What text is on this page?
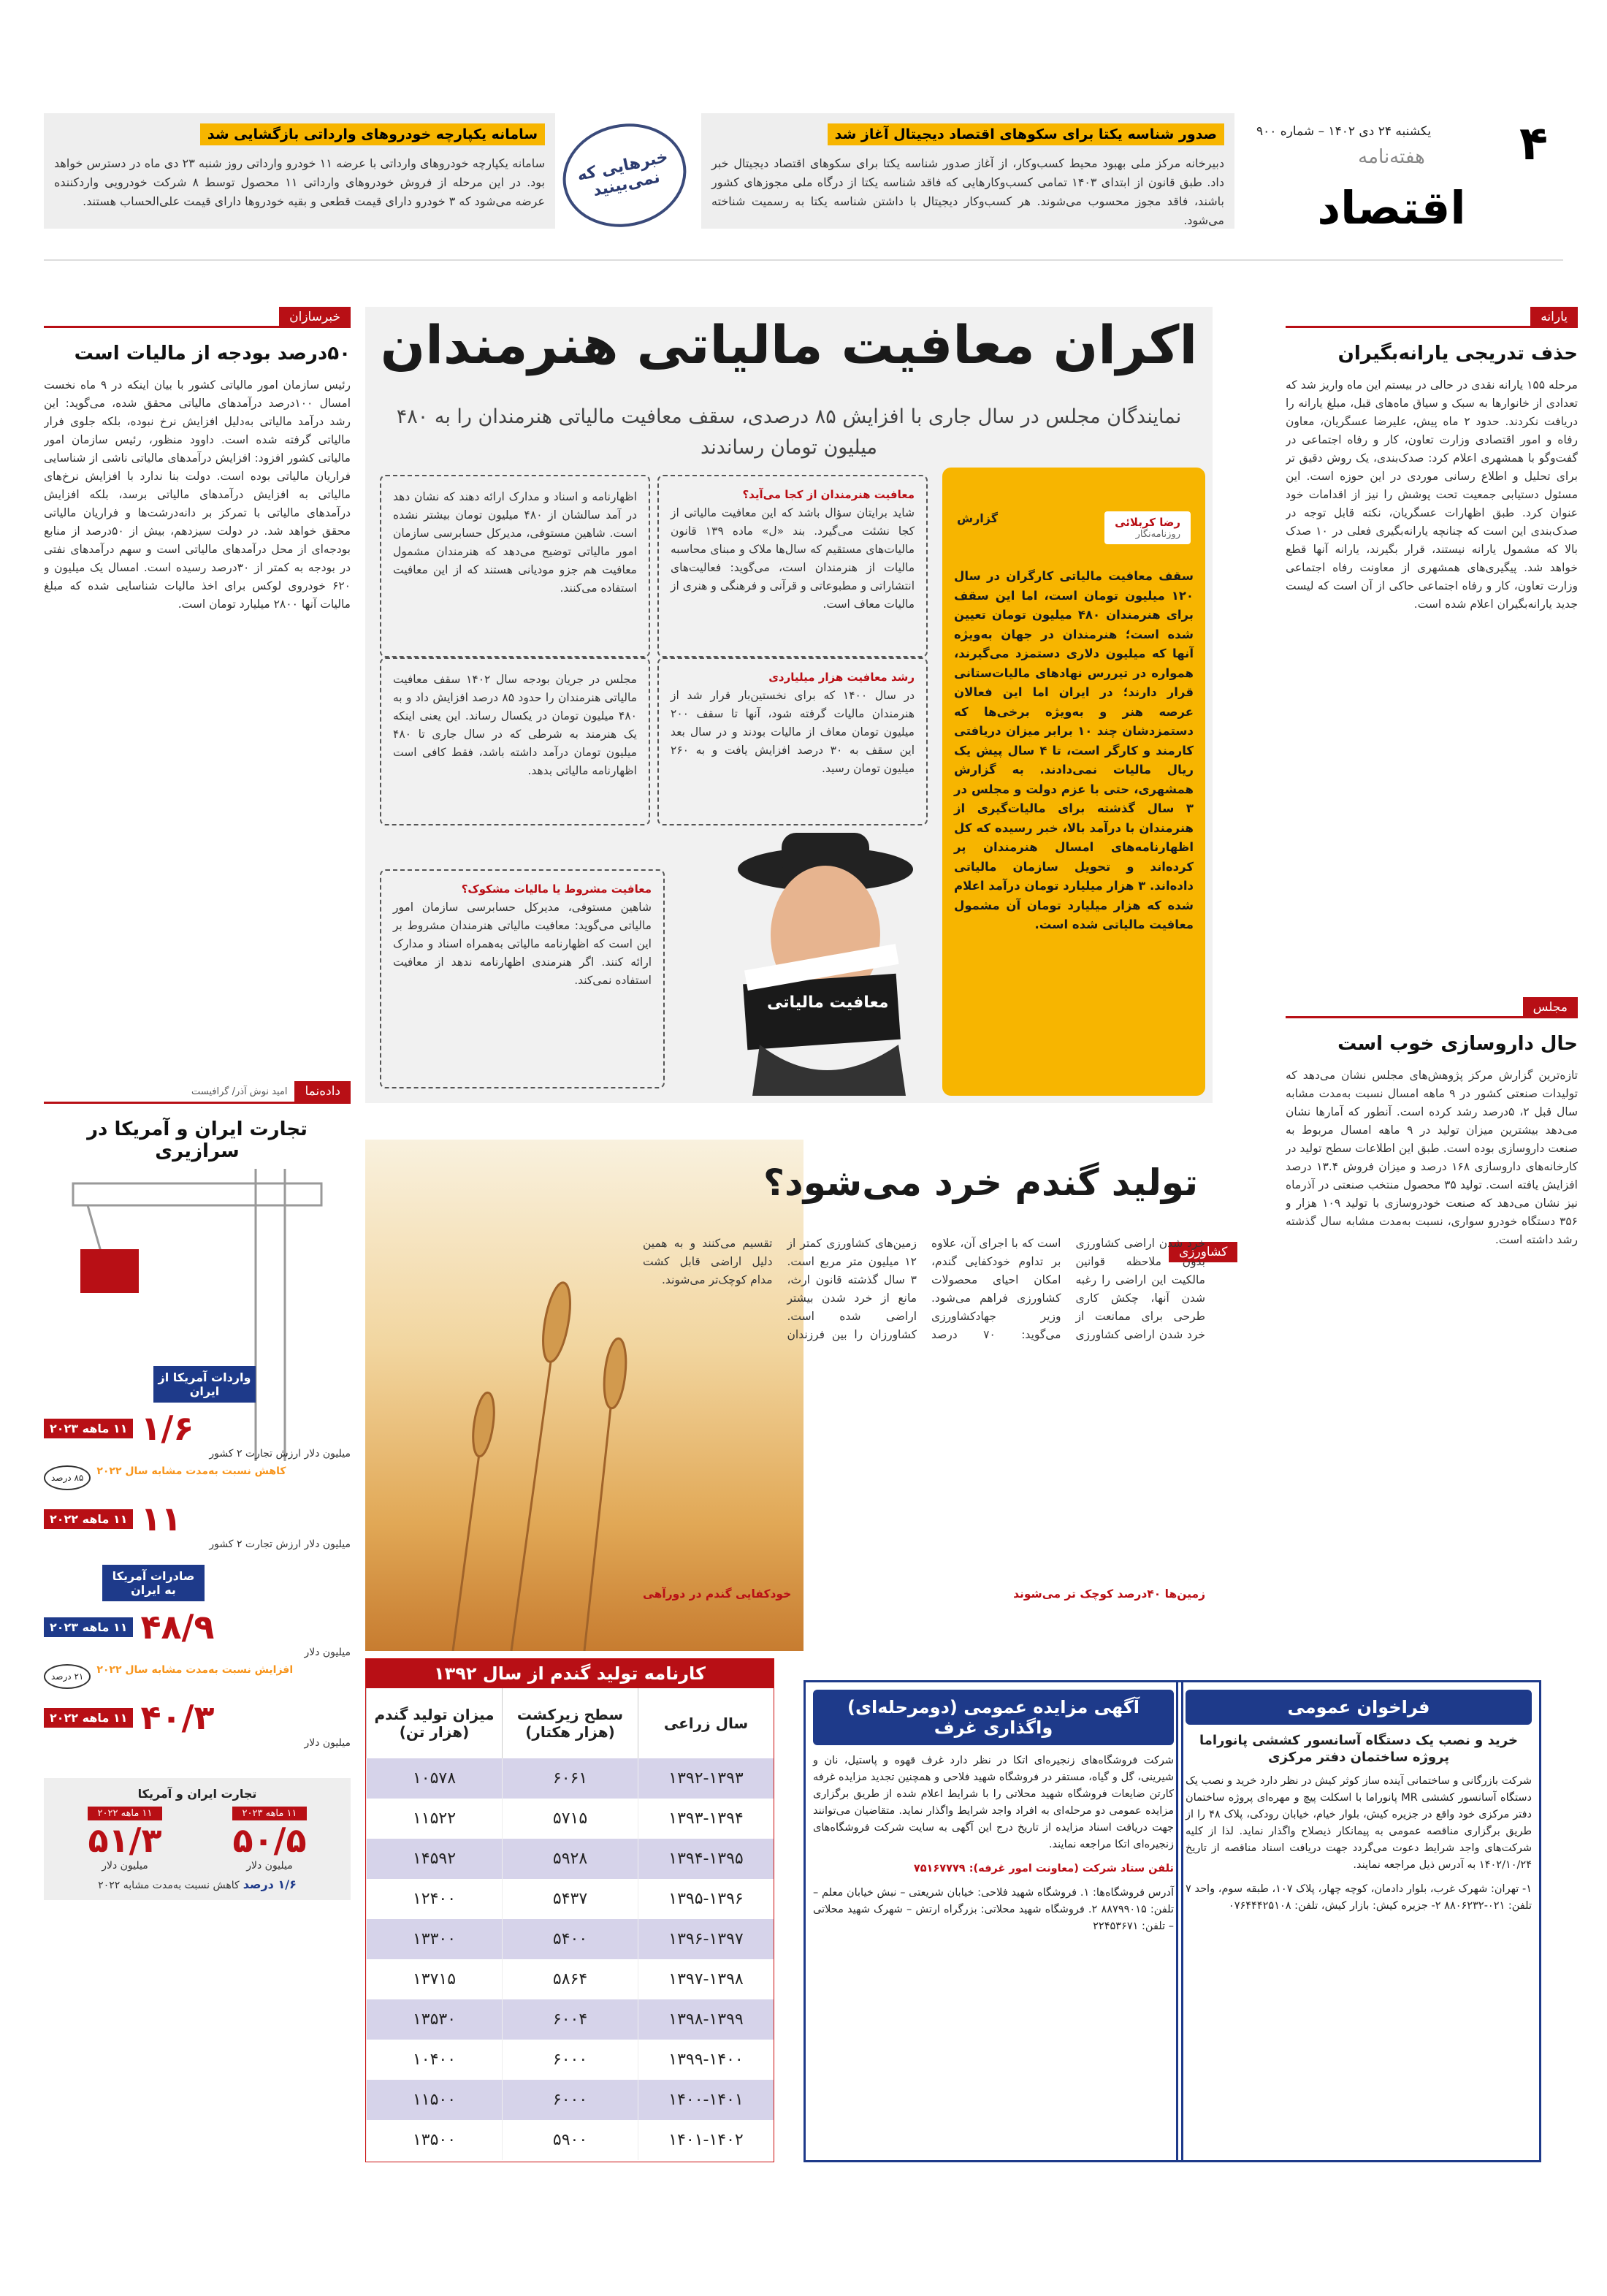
سامانه یکپارچه خودروهای وارداتی بازگشایی شد
سامانه یکپارچه خودروهای وارداتی با عرضه ۱۱ خودرو وارداتی روز شنبه ۲۳ دی ماه در دسترس خواهد بود. در این مرحله از فروش خودروهای وارداتی ۱۱ محصول توسط ۸ شرکت خودرویی واردکننده عرضه می‌شود که ۳ خودرو دارای قیمت قطعی و بقیه خودروها دارای قیمت علی‌الحساب هستند.
خبرهایی که نمی‌بینید
صدور شناسه یکتا برای سکوهای اقتصاد دیجیتال آغاز شد
دبیرخانه مرکز ملی بهبود محیط کسب‌وکار، از آغاز صدور شناسه یکتا برای سکوهای اقتصاد دیجیتال خبر داد. طبق قانون از ابتدای ۱۴۰۳ تمامی کسب‌وکارهایی که فاقد شناسه یکتا از درگاه ملی مجوزهای کشور باشند، فاقد مجوز محسوب می‌شوند. هر کسب‌وکار دیجیتال با داشتن شناسه یکتا به رسمیت شناخته می‌شود.
۴
یکشنبه ۲۴ دی ۱۴۰۲ – شماره ۹۰۰
هفته‌نامه
اقتصاد
یارانه
حذف تدریجی یارانه‌بگیران
مرحله ۱۵۵ یارانه نقدی در حالی در بیستم این ماه واریز شد که تعدادی از خانوارها به سبک و سیاق ماه‌های قبل، مبلغ یارانه را دریافت نکردند. حدود ۲ ماه پیش، علیرضا عسگریان، معاون رفاه و امور اقتصادی وزارت تعاون، کار و رفاه اجتماعی در گفت‌وگو با همشهری اعلام کرد: صدک‌بندی، یک روش دقیق تر برای تحلیل و اطلاع رسانی موردی در این حوزه است. این مسئول دستیابی جمعیت تحت پوشش را نیز از اقدامات خود عنوان کرد. طبق اظهارات عسگریان، نکته قابل توجه در صدک‌بندی این است که چنانچه یارانه‌بگیری فعلی در ۱۰ صدک بالا که مشمول یارانه نیستند، قرار بگیرند، یارانه آنها قطع خواهد شد. پیگیری‌های همشهری از معاونت رفاه اجتماعی وزارت تعاون، کار و رفاه اجتماعی حاکی از آن است که لیست جدید یارانه‌بگیران اعلام شده است.
مجلس
حال داروسازی خوب است
تازه‌ترین گزارش مرکز پژوهش‌های مجلس نشان می‌دهد که تولیدات صنعتی کشور در ۹ ماهه امسال نسبت به‌مدت مشابه سال قبل ۲، ۵درصد رشد کرده است. آنطور که آمارها نشان می‌دهد بیشترین میزان تولید در ۹ ماهه امسال مربوط به صنعت داروسازی بوده است. طبق این اطلاعات سطح تولید در کارخانه‌های داروسازی ۱۶۸ درصد و میزان فروش ۱۳.۴ درصد افزایش یافته است. تولید ۳۵ محصول منتخب صنعتی در آذرماه نیز نشان می‌دهد که صنعت خودروسازی با تولید ۱۰۹ هزار و ۳۵۶ دستگاه خودرو سواری، نسبت به‌مدت مشابه سال گذشته رشد داشته است.
خبرسازان
۵۰درصد بودجه از مالیات است
رئیس سازمان امور مالیاتی کشور با بیان اینکه در ۹ ماه نخست امسال ۱۰۰درصد درآمدهای مالیاتی محقق شده، می‌گوید: این رشد درآمد مالیاتی به‌دلیل افزایش نرخ نبوده، بلکه جلوی فرار مالیاتی گرفته شده است. داوود منظور، رئیس سازمان امور مالیاتی کشور افزود: افزایش درآمدهای مالیاتی ناشی از شناسایی فراریان مالیاتی بوده است. دولت بنا ندارد با افزایش نرخ‌های مالیاتی به افزایش درآمدهای مالیاتی برسد، بلکه افزایش درآمدهای مالیاتی با تمرکز بر دانه‌درشت‌ها و فراریان مالیاتی محقق خواهد شد. در دولت سیزدهم، بیش از ۵۰درصد از منابع بودجه‌ای از محل درآمدهای مالیاتی است و سهم درآمدهای نفتی در بودجه به کمتر از ۳۰درصد رسیده است. امسال یک میلیون و ۶۲۰ خودروی لوکس برای اخذ مالیات شناسایی شده که مبلغ مالیات آنها ۲۸۰۰ میلیارد تومان است.
اکران معافیت مالیاتی هنرمندان
نمایندگان مجلس در سال جاری با افزایش ۸۵ درصدی، سقف معافیت مالیاتی هنرمندان را به ۴۸۰ میلیون تومان رساندند
رضا کربلائی
روزنامه‌نگار
گزارش
سقف معافیت مالیاتی کارگران در سال ۱۲۰ میلیون تومان است، اما این سقف برای هنرمندان ۴۸۰ میلیون تومان تعیین شده است؛ هنرمندان در جهان به‌ویژه آنها که میلیون دلاری دستمزد می‌گیرند، همواره در تیررس نهادهای مالیات‌ستانی قرار دارند؛ در ایران اما این فعالان عرصه هنر و به‌ویژه برخی‌ها که دستمزدشان چند ۱۰ برابر میزان دریافتی کارمند و کارگر است، تا ۴ سال پیش یک ریال مالیات نمی‌دادند. به گزارش همشهری، حتی با عزم دولت و مجلس در ۳ سال گذشته برای مالیات‌گیری از هنرمندان با درآمد بالا، خبر رسیده که کل اظهارنامه‌های امسال هنرمندان پر کرده‌اند و تحویل سازمان مالیاتی داده‌اند. ۳ هزار میلیارد تومان درآمد اعلام شده که هزار میلیارد تومان آن مشمول معافیت مالیاتی شده است.
معافیت هنرمندان از کجا می‌آید؟
شاید برایتان سؤال باشد که این معافیت مالیاتی از کجا نشئت می‌گیرد. بند «ل» ماده ۱۳۹ قانون مالیات‌های مستقیم که سال‌ها ملاک و مبنای محاسبه مالیات از هنرمندان است، می‌گوید: فعالیت‌های انتشاراتی و مطبوعاتی و قرآنی و فرهنگی و هنری از مالیات معاف است.
اظهارنامه و اسناد و مدارک ارائه دهند که نشان دهد در آمد سالشان از ۴۸۰ میلیون تومان بیشتر نشده است. شاهین مستوفی، مدیرکل حسابرسی سازمان امور مالیاتی توضیح می‌دهد که هنرمندان مشمول معافیت هم جزو مودیانی هستند که از این معافیت استفاده می‌کنند.
رشد معافیت هزار میلیاردی
در سال ۱۴۰۰ که برای نخستین‌بار قرار شد از هنرمندان مالیات گرفته شود، آنها تا سقف ۲۰۰ میلیون تومان معاف از مالیات بودند و در سال بعد این سقف به ۳۰ درصد افزایش یافت و به ۲۶۰ میلیون تومان رسید.
مجلس در جریان بودجه سال ۱۴۰۲ سقف معافیت مالیاتی هنرمندان را حدود ۸۵ درصد افزایش داد و به ۴۸۰ میلیون تومان در یکسال رساند. این یعنی اینکه یک هنرمند به شرطی که در سال جاری تا ۴۸۰ میلیون تومان درآمد داشته باشد، فقط کافی است اظهارنامه مالیاتی بدهد.
معافیت مشروط یا مالیات مشکوک؟
شاهین مستوفی، مدیرکل حسابرسی سازمان امور مالیاتی می‌گوید: معافیت مالیاتی هنرمندان مشروط بر این است که اظهارنامه مالیاتی به‌همراه اسناد و مدارک ارائه کنند. اگر هنرمندی اظهارنامه ندهد از معافیت استفاده نمی‌کند.
معافیت مالیاتی
تولید گندم خرد می‌شود؟
کشاورزی
خرد شدن اراضی کشاورزی بدون ملاحظه قوانین مالکیت این اراضی را رغبه شدن آنها، چکش کاری طرحی برای ممانعت از خرد شدن اراضی کشاورزی است که با اجرای آن، علاوه بر تداوم خودکفایی گندم، امکان احیای محصولات کشاورزی فراهم می‌شود. وزیر جهادکشاورزی می‌گوید: ۷۰ درصد زمین‌های کشاورزی کمتر از ۱۲ میلیون متر مربع است. ۳ سال گذشته قانون ارث، مانع از خرد شدن بیشتر اراضی شده است. کشاورزان را بین فرزندان تقسیم می‌کنند و به همین دلیل اراضی قابل کشت مدام کوچک‌تر می‌شوند.
زمین‌ها ۴۰درصد کوچک تر می‌شوند
خودکفایی گندم در دورآهی
کارنامه تولید گندم از سال ۱۳۹۲
سال زراعی
سطح زیرکشت (هزار هکتار)
میزان تولید گندم (هزار تن)
۱۳۹۲-۱۳۹۳
۶۰۶۱
۱۰۵۷۸
۱۳۹۳-۱۳۹۴
۵۷۱۵
۱۱۵۲۲
۱۳۹۴-۱۳۹۵
۵۹۲۸
۱۴۵۹۲
۱۳۹۵-۱۳۹۶
۵۴۳۷
۱۲۴۰۰
۱۳۹۶-۱۳۹۷
۵۴۰۰
۱۳۳۰۰
۱۳۹۷-۱۳۹۸
۵۸۶۴
۱۳۷۱۵
۱۳۹۸-۱۳۹۹
۶۰۰۴
۱۳۵۳۰
۱۳۹۹-۱۴۰۰
۶۰۰۰
۱۰۴۰۰
۱۴۰۰-۱۴۰۱
۶۰۰۰
۱۱۵۰۰
۱۴۰۱-۱۴۰۲
۵۹۰۰
۱۳۵۰۰
آگهی مزایده عمومی (دومرحله‌ای) واگذاری غرف
شرکت فروشگاه‌های زنجیره‌ای اتکا در نظر دارد غرف قهوه و پاستیل، نان و شیرینی، گل و گیاه، مستقر در فروشگاه شهید فلاحی و همچنین تجدید مزایده غرفه کارتن ضایعات فروشگاه شهید محلاتی را با شرایط اعلام شده از طریق برگزاری مزایده عمومی دو مرحله‌ای به افراد واجد شرایط واگذار نماید. متقاضیان می‌توانند جهت دریافت اسناد مزایده از تاریخ درج این آگهی به سایت شرکت فروشگاه‌های زنجیره‌ای اتکا مراجعه نمایند.
تلفن ستاد شرکت (معاونت امور غرفه): ۷۵۱۶۷۷۷۹
آدرس فروشگاه‌ها: ۱. فروشگاه شهید فلاحی: خیابان شریعتی – نبش خیابان معلم – تلفن: ۸۸۷۹۹۰۱۵ ۲. فروشگاه شهید محلاتی: بزرگراه ارتش – شهرک شهید محلاتی – تلفن: ۲۲۴۵۳۶۷۱
فراخوان عمومی
خرید و نصب یک دستگاه آسانسور کششی پانوراما پروژه ساختمان دفتر مرکزی
شرکت بازرگانی و ساختمانی آینده ساز کوثر کیش در نظر دارد خرید و نصب یک دستگاه آسانسور کششی MR پانوراما با اسکلت پیچ و مهره‌ای پروژه ساختمان دفتر مرکزی خود واقع در جزیره کیش، بلوار خیام، خیابان رودکی، پلاک ۴۸ را از طریق برگزاری مناقصه عمومی به پیمانکار ذیصلاح واگذار نماید. لذا از کلیه شرکت‌های واجد شرایط دعوت می‌گردد جهت دریافت اسناد مناقصه از تاریخ ۱۴۰۲/۱۰/۲۴ به آدرس ذیل مراجعه نمایند.
۱- تهران: شهرک غرب، بلوار دادمان، کوچه چهار، پلاک ۱۰۷، طبقه سوم، واحد ۷ تلفن: ۰۲۱-۸۸۰۶۲۳۲ ۲- جزیره کیش: بازار کیش، تلفن: ۰۷۶۴۴۴۲۵۱۰۸
دادەنما
امید نوش آذر/ گرافیست
تجارت ایران و آمریکا در سرازیری
واردات آمریکا از ایران
۱/۶
۱۱ ماهه ۲۰۲۳
میلیون دلار ارزش تجارت ۲ کشور
کاهش نسبت به‌مدت مشابه سال ۲۰۲۲
۸۵ درصد
۱۱
۱۱ ماهه ۲۰۲۲
میلیون دلار ارزش تجارت ۲ کشور
صادرات آمریکا به ایران
۴۸/۹
۱۱ ماهه ۲۰۲۳
میلیون دلار
افزایش نسبت به‌مدت مشابه سال ۲۰۲۲
۲۱ درصد
۴۰/۳
۱۱ ماهه ۲۰۲۲
میلیون دلار
تجارت ایران و آمریکا
۱۱ ماهه ۲۰۲۳
۵۰/۵
میلیون دلار
۱۱ ماهه ۲۰۲۲
۵۱/۳
میلیون دلار
۱/۶ درصد کاهش نسبت به‌مدت مشابه ۲۰۲۲
